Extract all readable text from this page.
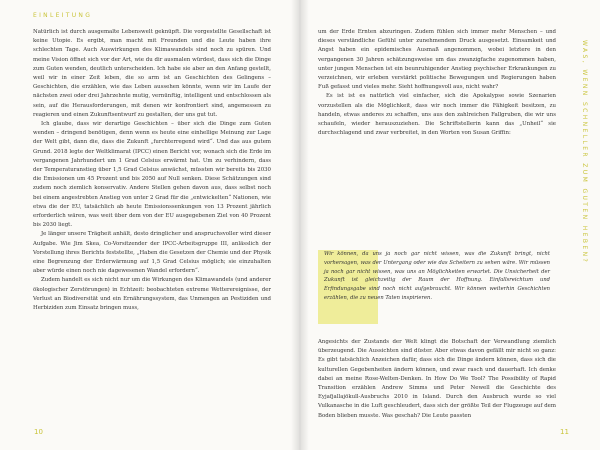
EINLEITUNG

Natürlich ist durch ausgemalte Lebenswelt geknüpft. Die vorgestellte Gesellschaft ist keine Utopie. Es ergibt, man macht mit Freunden und die Leute haben ihre schlechten Tage. Auch Auswirkungen des Klimawandels sind noch zu spüren. Und meine Vision öffnet sich vor der Art, wie du dir ausmalen würdest, dass sich die Dinge zum Guten wenden, deutlich unterscheiden. Ich habe sie aber an den Anfang gestellt, weil wir in einer Zeit leben, die so arm ist an Geschichten des Gelingens – Geschichten, die erzählen, wie das Leben aussehen könnte, wenn wir im Laufe der nächsten zwei oder drei Jahrzehnte mutig, vernünftig, intelligent und entschlossen als sein, auf die Herausforderungen, mit denen wir konfrontiert sind, angemessen zu reagieren und einen Zukunftsentwurf zu gestalten, der uns gut tut.

Ich glaube, dass wir derartige Geschichten – über sich die Dinge zum Guten wenden – dringend benötigen, denn wenn es heute eine einhellige Meinung zur Lage der Welt gibt, dann die, dass die Zukunft „furchterregend wird“. Und das aus gutem Grund. 2018 legte der Weltklimarat (IPCC) einen Bericht vor, wonach sich die Erde im vergangenen Jahrhundert um 1 Grad Celsius erwärmt hat. Um zu verhindern, dass der Temperaturanstieg über 1,5 Grad Celsius anwächst, müssten wir bereits bis 2030 die Emissionen um 45 Prozent und bis 2050 auf Null senken. Diese Schätzungen sind zudem noch ziemlich konservativ. Andere Stellen gehen davon aus, dass selbst noch bei einem angestrebten Anstieg von unter 2 Grad für die „entwickelten“ Nationen, wie etwa die der EU, tatsächlich ab heute Emissionssenkungen von 13 Prozent jährlich erforderlich wären, was weit über dem von der EU ausgegebenen Ziel von 40 Prozent bis 2030 liegt.

Je länger unsere Trägheit anhält, desto dringlicher und anspruchsvoller wird dieser Aufgabe. Wie Jim Skea, Co-Vorsitzender der IPCC-Arbeitsgruppe III, anlässlich der Vorstellung ihres Berichts feststellte, „Haben die Gesetzen der Chemie und der Physik eine Begrenzung der Erderwärmung auf 1,5 Grad Celsius möglich; sie einzuhalten aber würde einen noch nie dagewesenen Wandel erfordern“.

Zudem handelt es sich nicht nur um die Wirkungen des Klimawandels (und anderer ökologischer Zerstörungen) in Echtzeit: beobachteten extreme Wetterereignisse, der Verlust an Biodiversität und ein Ernährungssystem, das Unmengen an Pestiziden und Herbiziden zum Einsatz bringen muss,

10

um der Erde Ernten abzuringen. Zudem fühlen sich immer mehr Menschen – und dieses verständliche Gefühl unter zunehmendem Druck ausgesetzt. Einsamkeit und Angst haben ein epidemisches Ausmaß angenommen, wobei letztere in den vergangenen 30 Jahren schätzungsweise um das zwanzigfache zugenommen haben, unter jungen Menschen ist ein beunruhigender Anstieg psychischer Erkrankungen zu verzeichnen, wir erleben verstärkt politische Bewegungen und Regierungen haben Fuß gefasst und vieles mehr. Sieht hoffnungsvoll aus, nicht wahr?

Es ist ist es natürlich viel einfacher, sich die Apokalypse sowie Szenarien vorzustellen als die Möglichkeit, dass wir noch immer die Fähigkeit besitzen, zu handeln, etwas anderes zu schaffen, uns aus den zahlreichen Fallgruben, die wir uns schaufeln, wieder herauszuziehen. Die Schriftstellerin kann das „Unheil“ sie durchschlagend und zwar verbreitet, in den Worten von Susan Griffin:

Wir können, da uns ja noch gar nicht wissen, was die Zukunft bringt, nicht vorhersagen, was der Untergang oder wie das Scheitern zu sehen wäre. Wir müssen ja noch gar nicht wissen, was uns an Möglichkeiten erwartet. Die Unsicherheit der Zukunft ist gleichzeitig der Raum der Hoffnung. Einfallsreichtum und Erfindungsgabe sind noch nicht aufgebraucht. Wir können weiterhin Geschichten erzählen, die zu neuen Taten inspirieren.

Angesichts der Zustands der Welt klingt die Botschaft der Verwandlung ziemlich überzeugend. Die Aussichten sind düster. Aber etwas davon gefällt mir nicht so ganz: Es gibt tatsächlich Anzeichen dafür, dass sich die Dinge ändern können, dass sich die kulturellen Gegebenheiten ändern können, und zwar rasch und dauerhaft. Ich denke dabei an meine Rose-Welten-Denken. In How Do We Tool? The Possibility of Rapid Transition erzählen Andrew Simms und Peter Newell die Geschichte des Eyjafjallajökull-Ausbruchs 2010 in Island. Durch den Ausbruch wurde so viel Vulkanasche in die Luft geschleudert, dass sich der größte Teil der Flugzeuge auf dem Boden blieben musste. Was geschah? Die Leute passten

WAS, WENN SCHNELLER ZUM GUTEN HEBEN?
11
